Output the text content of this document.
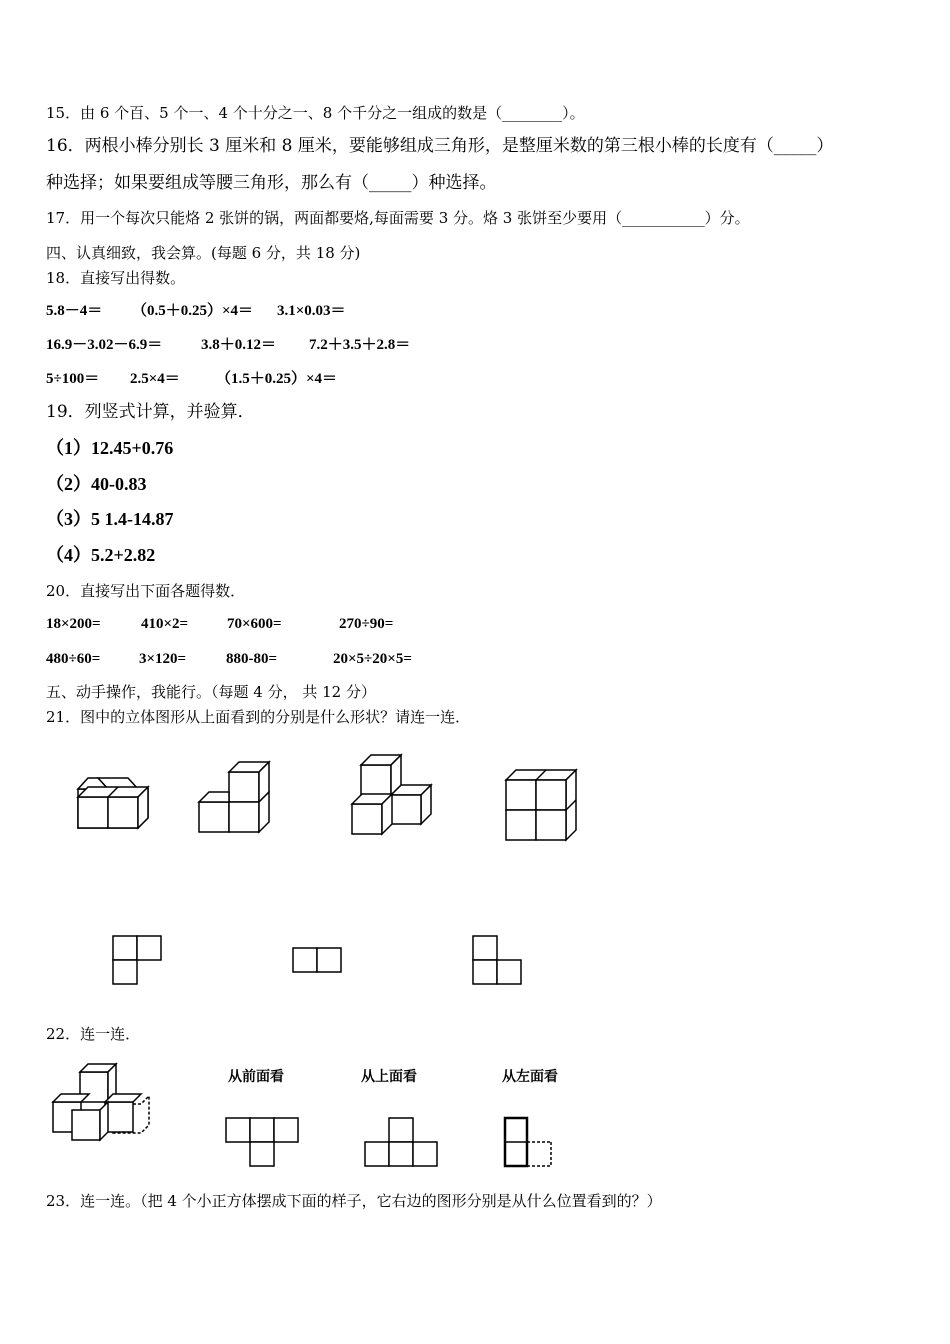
15．由 6 个百、5 个一、4 个十分之一、8 个千分之一组成的数是（________）。
16．两根小棒分别长 3 厘米和 8 厘米，要能够组成三角形，是整厘米数的第三根小棒的长度有（_____）
种选择；如果要组成等腰三角形，那么有（_____）种选择。
17．用一个每次只能烙 2 张饼的锅，两面都要烙,每面需要 3 分。烙 3 张饼至少要用（___________）分。
四、认真细致，我会算。(每题 6 分，共 18 分)
18．直接写出得数。
5.8－4＝ （0.5＋0.25）×4＝ 3.1×0.03＝
16.9－3.02－6.9＝	3.8＋0.12＝ 7.2＋3.5＋2.8＝
5÷100＝ 2.5×4＝ （1.5＋0.25）×4＝
19．列竖式计算，并验算．
（1）12.45+0.76
（2）40-0.83
（3）5 1.4-14.87
（4）5.2+2.82
20．直接写出下面各题得数．
18×200=	410×2=	70×600=	270÷90=
480÷60=	3×120=	880-80=	20×5÷20×5=
五、动手操作，我能行。（每题 4 分， 共 12 分）
21．图中的立体图形从上面看到的分别是什么形状？请连一连．
22．连一连．
从前面看	从上面看	从左面看
23．连一连。（把 4 个小正方体摆成下面的样子，它右边的图形分别是从什么位置看到的？）
